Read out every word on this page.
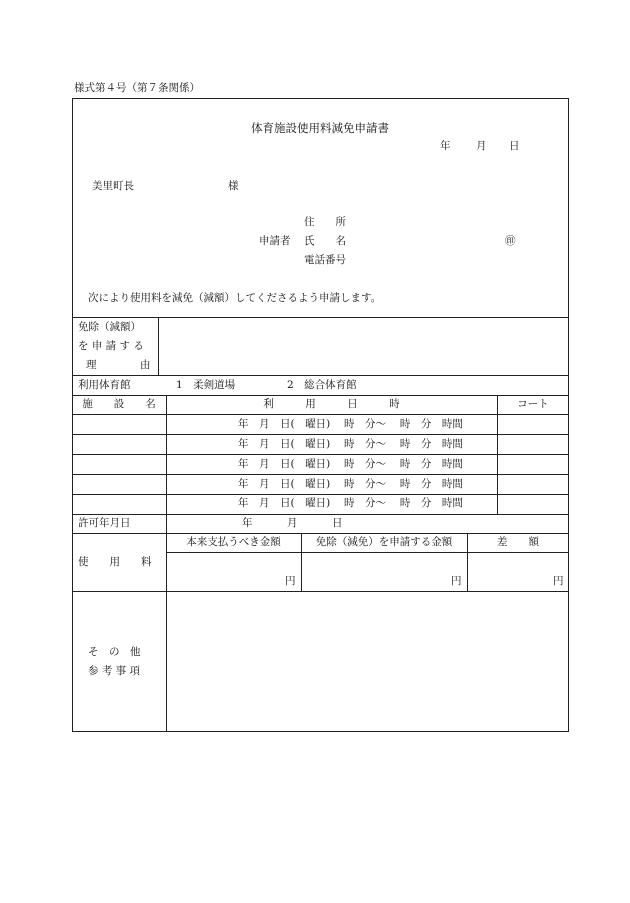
様式第４号（第７条関係）
体育施設使用料減免申請書
年 月 日
美里町長	様
住　　所
申請者 氏　　名	㊞
電話番号
次により使用料を減免（減額）してくださるよう申請します。
免除（減額）
を 申 請 す る
理	由
利用体育館	1　柔剣道場	2　総合体育館
施　　設　　名	利　　　用　　　日　　　時	コート
年　月　日(　曜日)　 時　分～　 時　分　時間
年　月　日(　曜日)　 時　分～　 時　分　時間
年　月　日(　曜日)　 時　分～　 時　分　時間
年　月　日(　曜日)　 時　分～　 時　分　時間
年　月　日(　曜日)　 時　分～　 時　分　時間
許可年月日	年	月	日
使　　用　　料
本来支払うべき金額	免除（減免）を申請する金額	差　　額
円	円	円
そ　の　他
参 考 事 項
